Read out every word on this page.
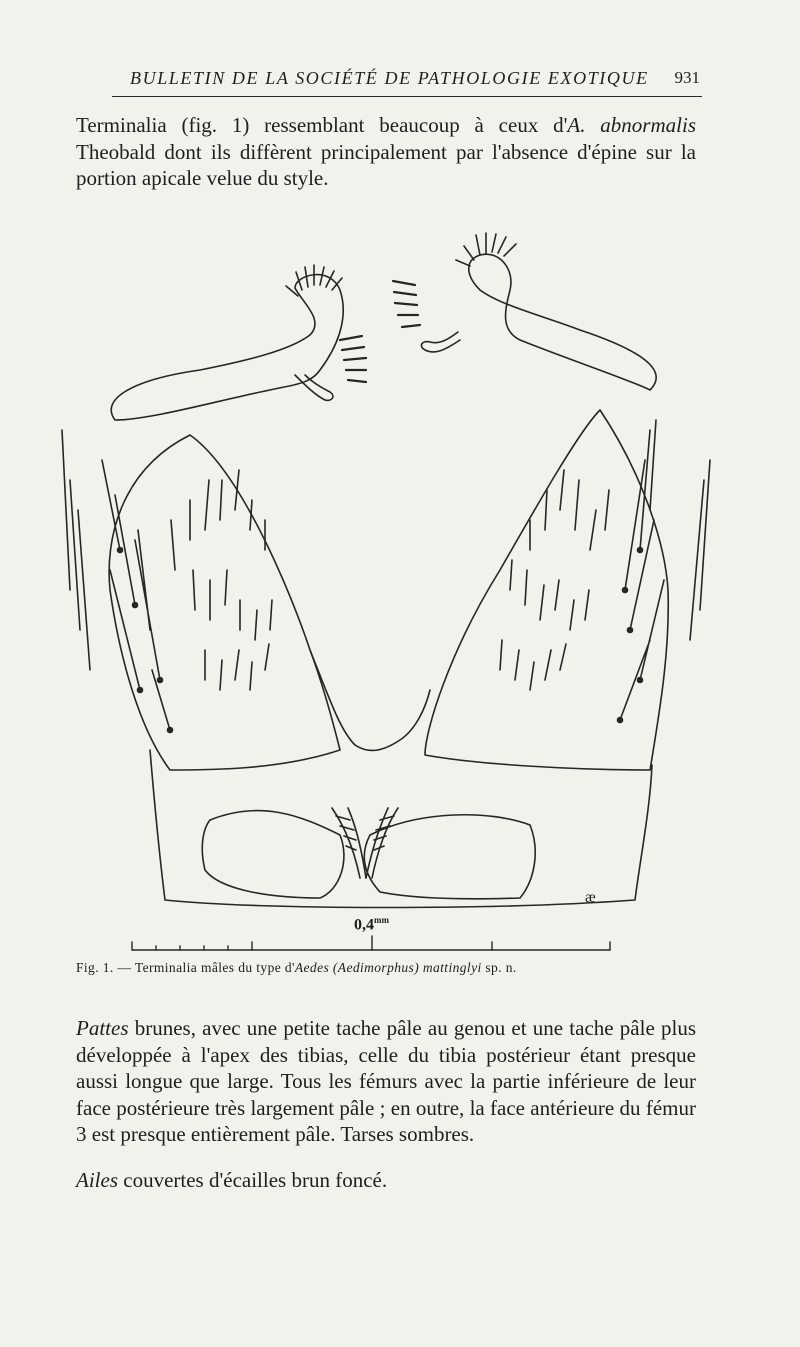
BULLETIN DE LA SOCIÉTÉ DE PATHOLOGIE EXOTIQUE 931

Terminalia (fig. 1) ressemblant beaucoup à ceux d'A. abnormalis Theobald dont ils diffèrent principalement par l'absence d'épine sur la portion apicale velue du style.

æ
$0,4^{mm}$
Fig. 1. — Terminalia mâles du type d'Aedes (Aedimorphus) mattinglyi sp. n.

Pattes brunes, avec une petite tache pâle au genou et une tache pâle plus développée à l'apex des tibias, celle du tibia postérieur étant presque aussi longue que large. Tous les fémurs avec la partie inférieure de leur face postérieure très largement pâle ; en outre, la face antérieure du fémur 3 est presque entièrement pâle. Tarses sombres.

Ailes couvertes d'écailles brun foncé.
